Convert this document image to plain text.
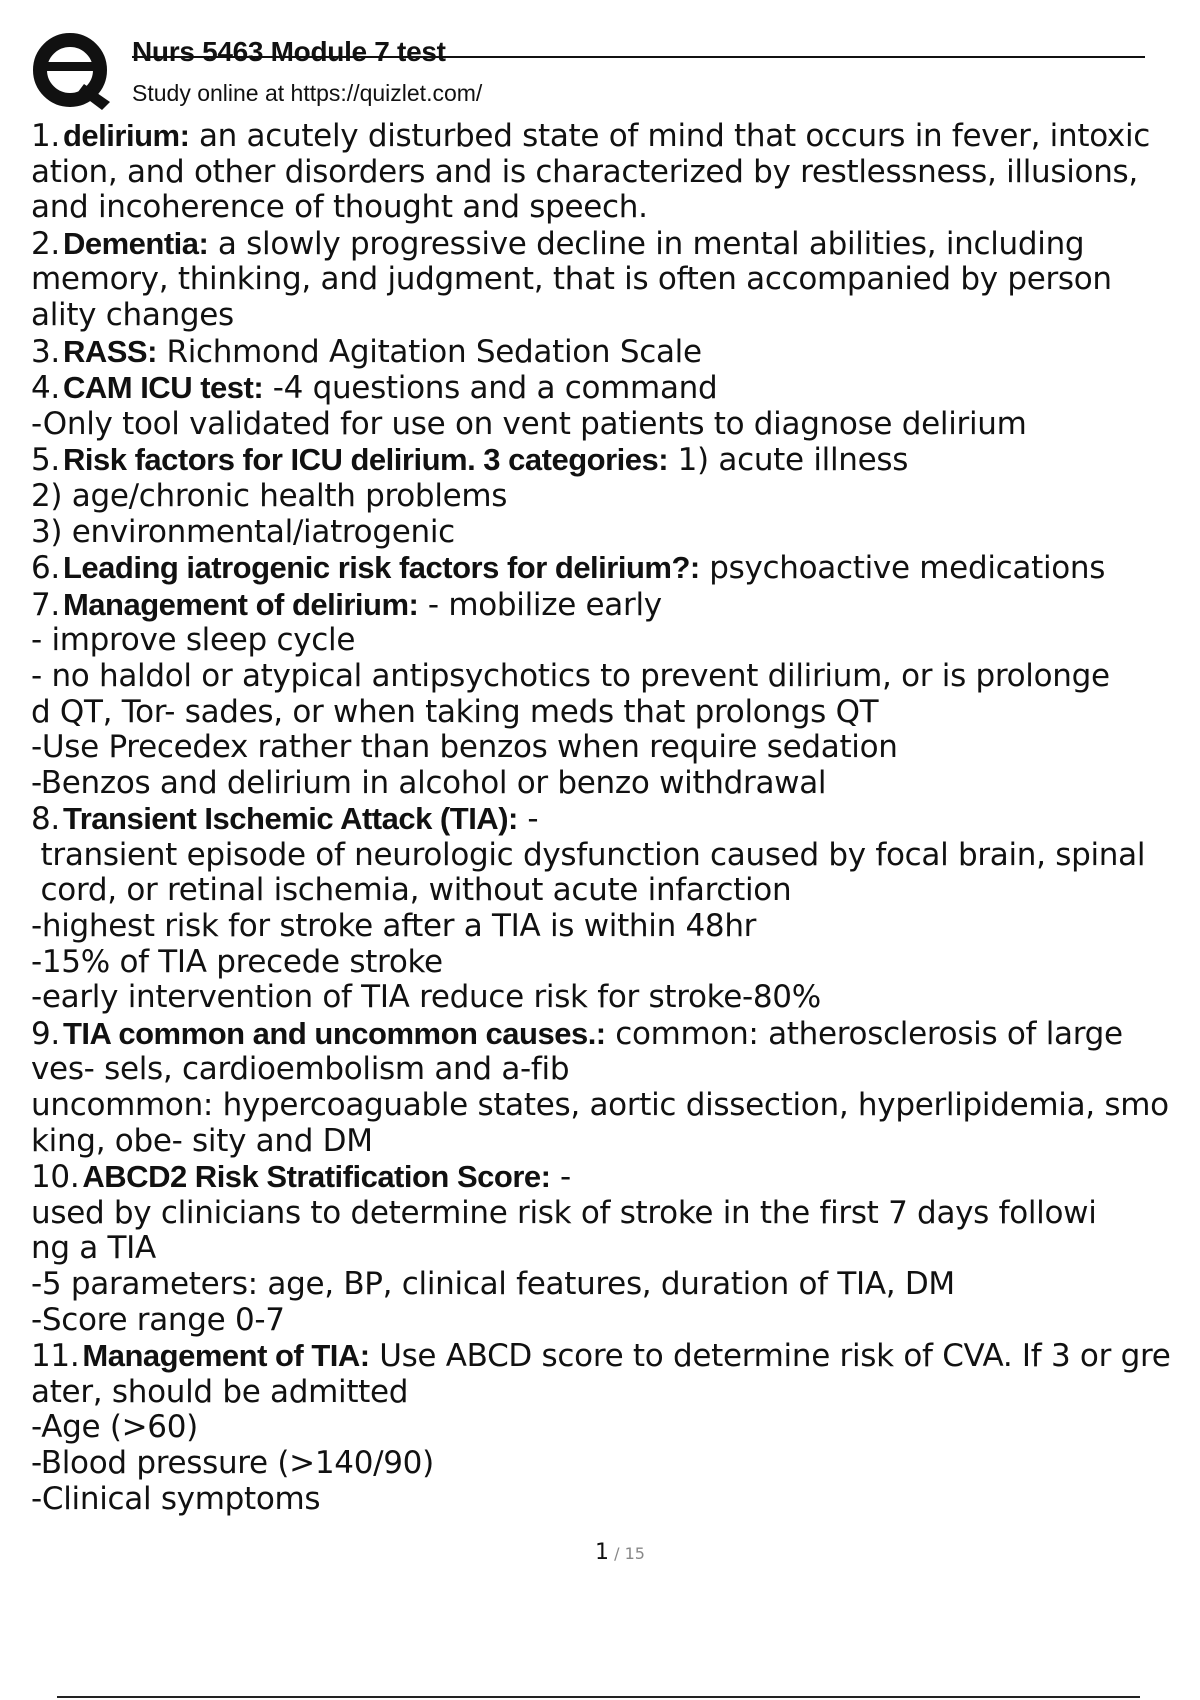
Nurs 5463 Module 7 test
Study online at https://quizlet.com/
1.delirium: an acutely disturbed state of mind that occurs in fever, intoxic
ation, and other disorders and is characterized by restlessness, illusions,
and incoherence of thought and speech.
2.Dementia: a slowly progressive decline in mental abilities, including
memory, thinking, and judgment, that is often accompanied by person
ality changes
3.RASS: Richmond Agitation Sedation Scale
4.CAM ICU test: -4 questions and a command
-Only tool validated for use on vent patients to diagnose delirium
5.Risk factors for ICU delirium. 3 categories: 1) acute illness
2) age/chronic health problems
3) environmental/iatrogenic
6.Leading iatrogenic risk factors for delirium?: psychoactive medications
7.Management of delirium: - mobilize early
- improve sleep cycle
- no haldol or atypical antipsychotics to prevent dilirium, or is prolonge
d QT, Tor- sades, or when taking meds that prolongs QT
-Use Precedex rather than benzos when require sedation
-Benzos and delirium in alcohol or benzo withdrawal
8.Transient Ischemic Attack (TIA): -
transient episode of neurologic dysfunction caused by focal brain, spinal
cord, or retinal ischemia, without acute infarction
-highest risk for stroke after a TIA is within 48hr
-15% of TIA precede stroke
-early intervention of TIA reduce risk for stroke-80%
9.TIA common and uncommon causes.: common: atherosclerosis of large
ves- sels, cardioembolism and a-fib
uncommon: hypercoaguable states, aortic dissection, hyperlipidemia, smo
king, obe- sity and DM
10.ABCD2 Risk Stratification Score: -
used by clinicians to determine risk of stroke in the first 7 days followi
ng a TIA
-5 parameters: age, BP, clinical features, duration of TIA, DM
-Score range 0-7
11.Management of TIA: Use ABCD score to determine risk of CVA. If 3 or gre
ater, should be admitted
-Age (>60)
-Blood pressure (>140/90)
-Clinical symptoms
1 / 15
